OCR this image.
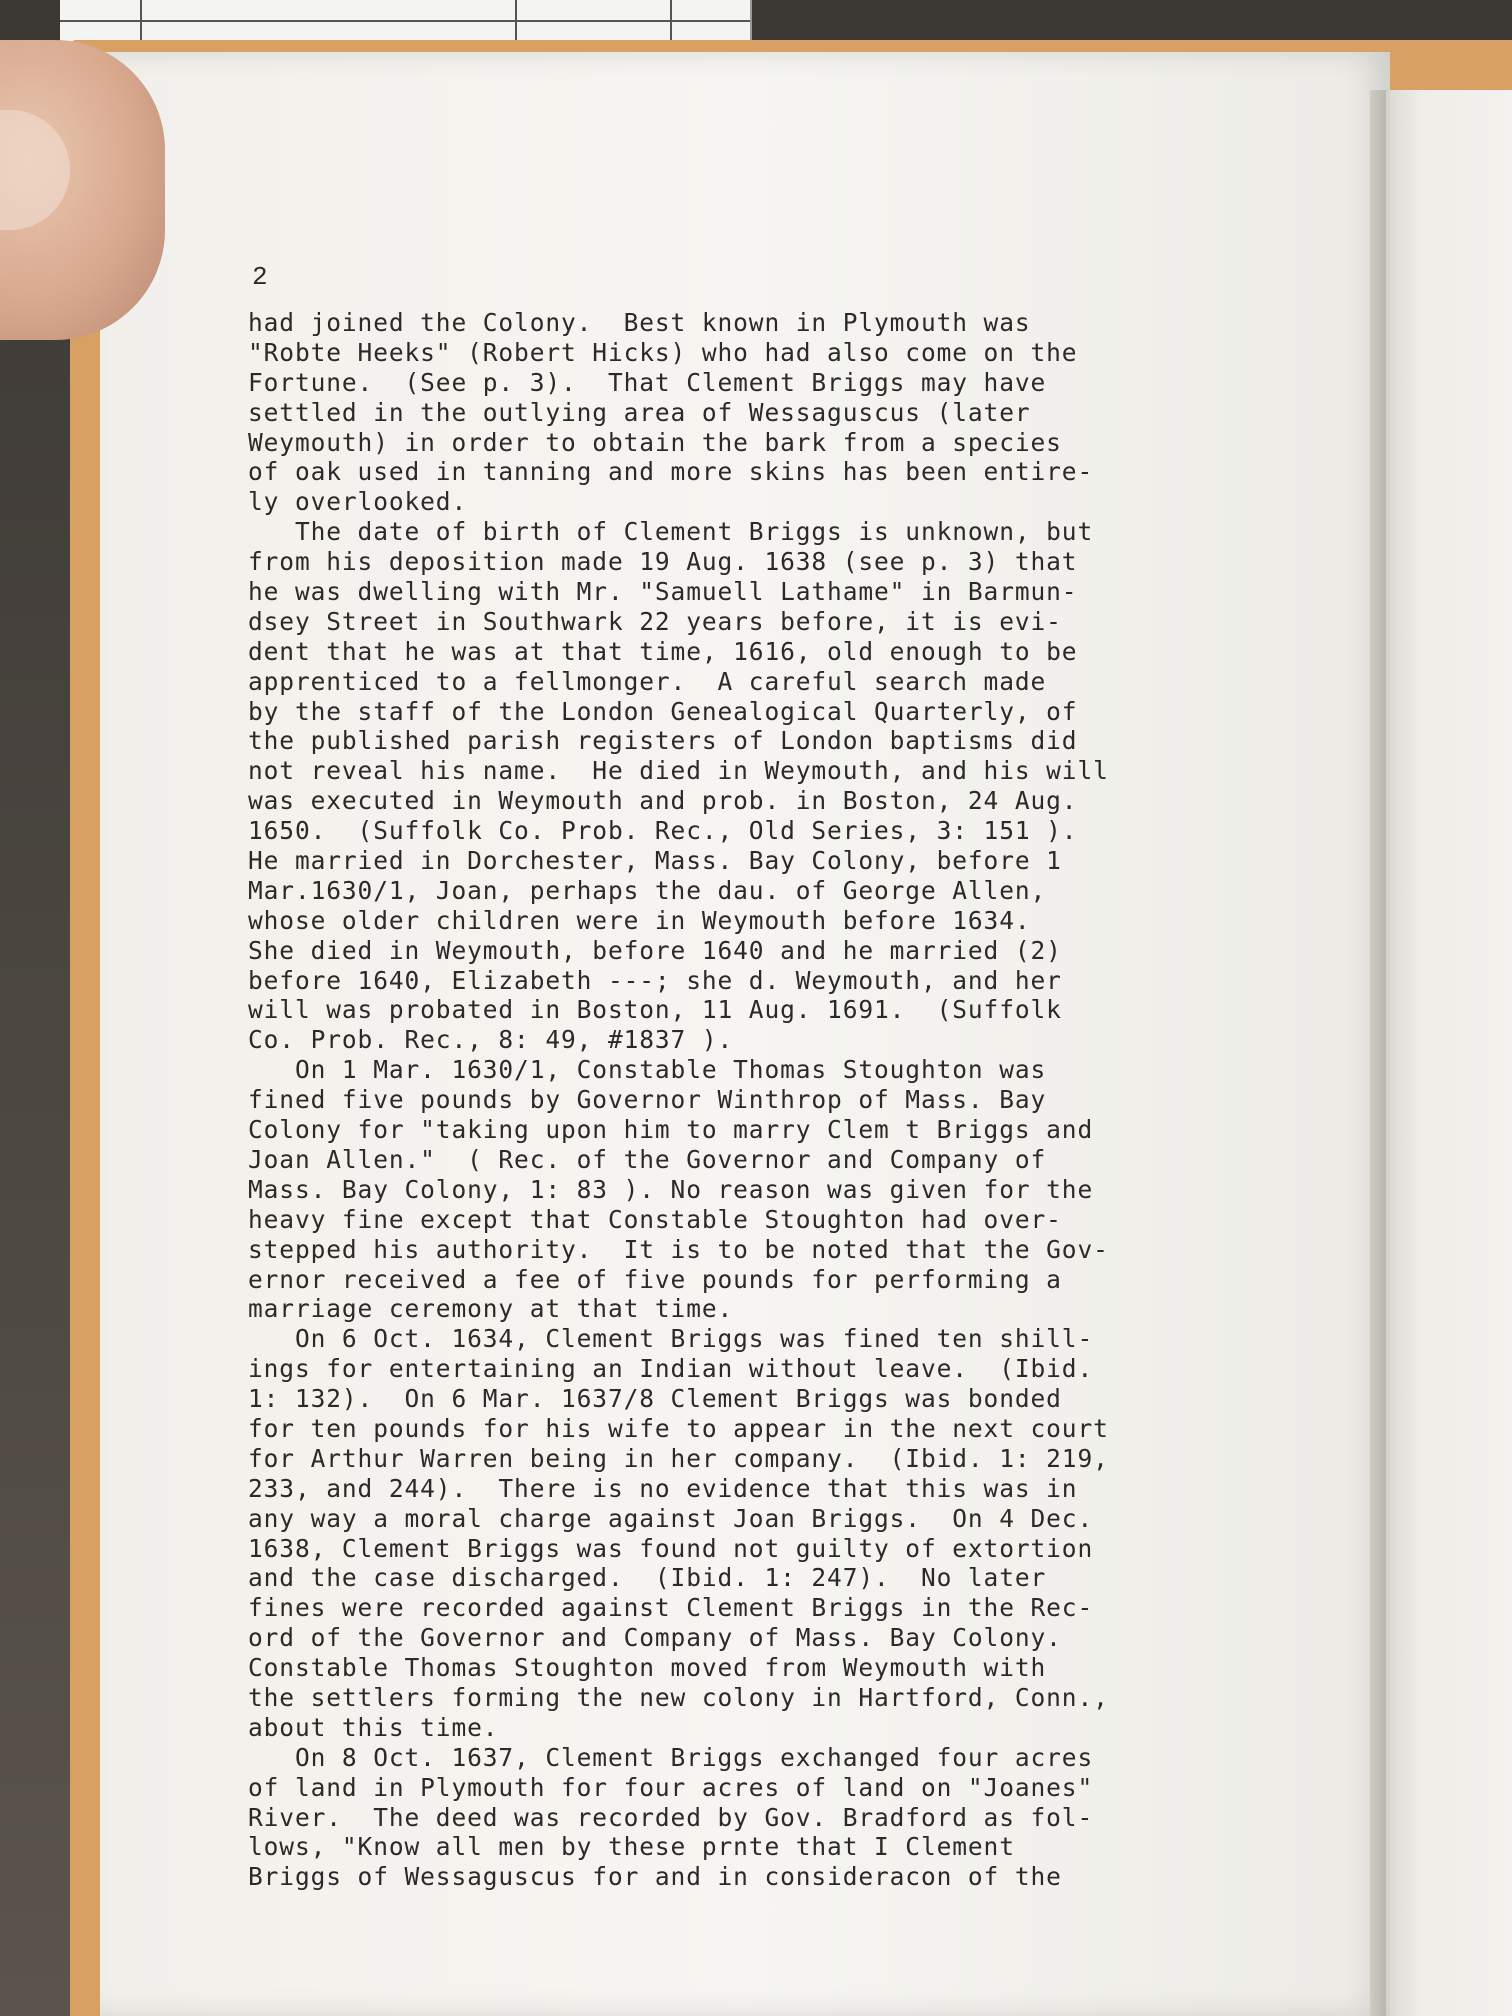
2
had joined the Colony.  Best known in Plymouth was
"Robte Heeks" (Robert Hicks) who had also come on the
Fortune.  (See p. 3).  That Clement Briggs may have
settled in the outlying area of Wessaguscus (later
Weymouth) in order to obtain the bark from a species
of oak used in tanning and more skins has been entire-
ly overlooked.
The date of birth of Clement Briggs is unknown, but
from his deposition made 19 Aug. 1638 (see p. 3) that
he was dwelling with Mr. "Samuell Lathame" in Barmun-
dsey Street in Southwark 22 years before, it is evi-
dent that he was at that time, 1616, old enough to be
apprenticed to a fellmonger.  A careful search made
by the staff of the London Genealogical Quarterly, of
the published parish registers of London baptisms did
not reveal his name.  He died in Weymouth, and his will
was executed in Weymouth and prob. in Boston, 24 Aug.
1650.  (Suffolk Co. Prob. Rec., Old Series, 3: 151 ).
He married in Dorchester, Mass. Bay Colony, before 1
Mar.1630/1, Joan, perhaps the dau. of George Allen,
whose older children were in Weymouth before 1634.
She died in Weymouth, before 1640 and he married (2)
before 1640, Elizabeth ---; she d. Weymouth, and her
will was probated in Boston, 11 Aug. 1691.  (Suffolk
Co. Prob. Rec., 8: 49, #1837 ).
On 1 Mar. 1630/1, Constable Thomas Stoughton was
fined five pounds by Governor Winthrop of Mass. Bay
Colony for "taking upon him to marry Clem t Briggs and
Joan Allen."  ( Rec. of the Governor and Company of
Mass. Bay Colony, 1: 83 ). No reason was given for the
heavy fine except that Constable Stoughton had over-
stepped his authority.  It is to be noted that the Gov-
ernor received a fee of five pounds for performing a
marriage ceremony at that time.
On 6 Oct. 1634, Clement Briggs was fined ten shill-
ings for entertaining an Indian without leave.  (Ibid.
1: 132).  On 6 Mar. 1637/8 Clement Briggs was bonded
for ten pounds for his wife to appear in the next court
for Arthur Warren being in her company.  (Ibid. 1: 219,
233, and 244).  There is no evidence that this was in
any way a moral charge against Joan Briggs.  On 4 Dec.
1638, Clement Briggs was found not guilty of extortion
and the case discharged.  (Ibid. 1: 247).  No later
fines were recorded against Clement Briggs in the Rec-
ord of the Governor and Company of Mass. Bay Colony.
Constable Thomas Stoughton moved from Weymouth with
the settlers forming the new colony in Hartford, Conn.,
about this time.
On 8 Oct. 1637, Clement Briggs exchanged four acres
of land in Plymouth for four acres of land on "Joanes"
River.  The deed was recorded by Gov. Bradford as fol-
lows, "Know all men by these prnte that I Clement
Briggs of Wessaguscus for and in consideracon of the
